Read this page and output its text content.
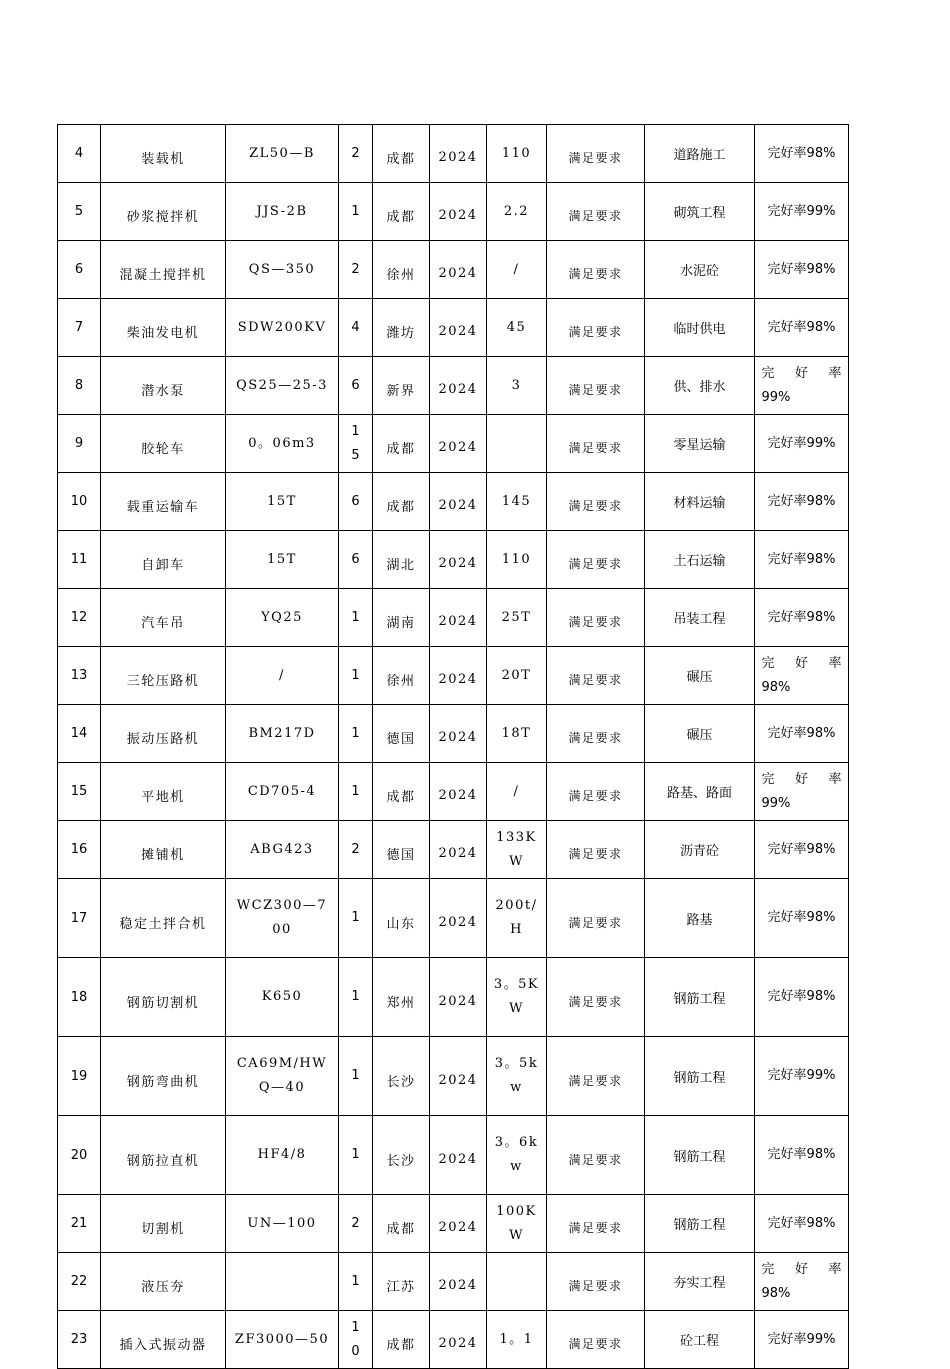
4	装载机	ZL50—B	2	成都	2024	110	满足要求	道路施工	完好率98%
5	砂浆搅拌机	JJS-2B	1	成都	2024	2.2	满足要求	砌筑工程	完好率99%
6	混凝土搅拌机	QS—350	2	徐州	2024	/	满足要求	水泥砼	完好率98%
7	柴油发电机	SDW200KV	4	潍坊	2024	45	满足要求	临时供电	完好率98%
8	潜水泵	QS25—25-3	6	新界	2024	3	满足要求	供、排水	完 好 率 99%
9	胶轮车	0。06m3	15	成都	2024		满足要求	零星运输	完好率99%
10	载重运输车	15T	6	成都	2024	145	满足要求	材料运输	完好率98%
11	自卸车	15T	6	湖北	2024	110	满足要求	土石运输	完好率98%
12	汽车吊	YQ25	1	湖南	2024	25T	满足要求	吊装工程	完好率98%
13	三轮压路机	/	1	徐州	2024	20T	满足要求	碾压	完 好 率 98%
14	振动压路机	BM217D	1	德国	2024	18T	满足要求	碾压	完好率98%
15	平地机	CD705-4	1	成都	2024	/	满足要求	路基、路面	完 好 率 99%
16	摊铺机	ABG423	2	德国	2024	133KW	满足要求	沥青砼	完好率98%
17	稳定土拌合机	WCZ300—700	1	山东	2024	200t/H	满足要求	路基	完好率98%
18	钢筋切割机	K650	1	郑州	2024	3。5KW	满足要求	钢筋工程	完好率98%
19	钢筋弯曲机	CA69M/HWQ—40	1	长沙	2024	3。5kw	满足要求	钢筋工程	完好率99%
20	钢筋拉直机	HF4/8	1	长沙	2024	3。6kw	满足要求	钢筋工程	完好率98%
21	切割机	UN—100	2	成都	2024	100KW	满足要求	钢筋工程	完好率98%
22	液压夯		1	江苏	2024		满足要求	夯实工程	完 好 率 98%
23	插入式振动器	ZF3000—50	10	成都	2024	1。1	满足要求	砼工程	完好率99%
